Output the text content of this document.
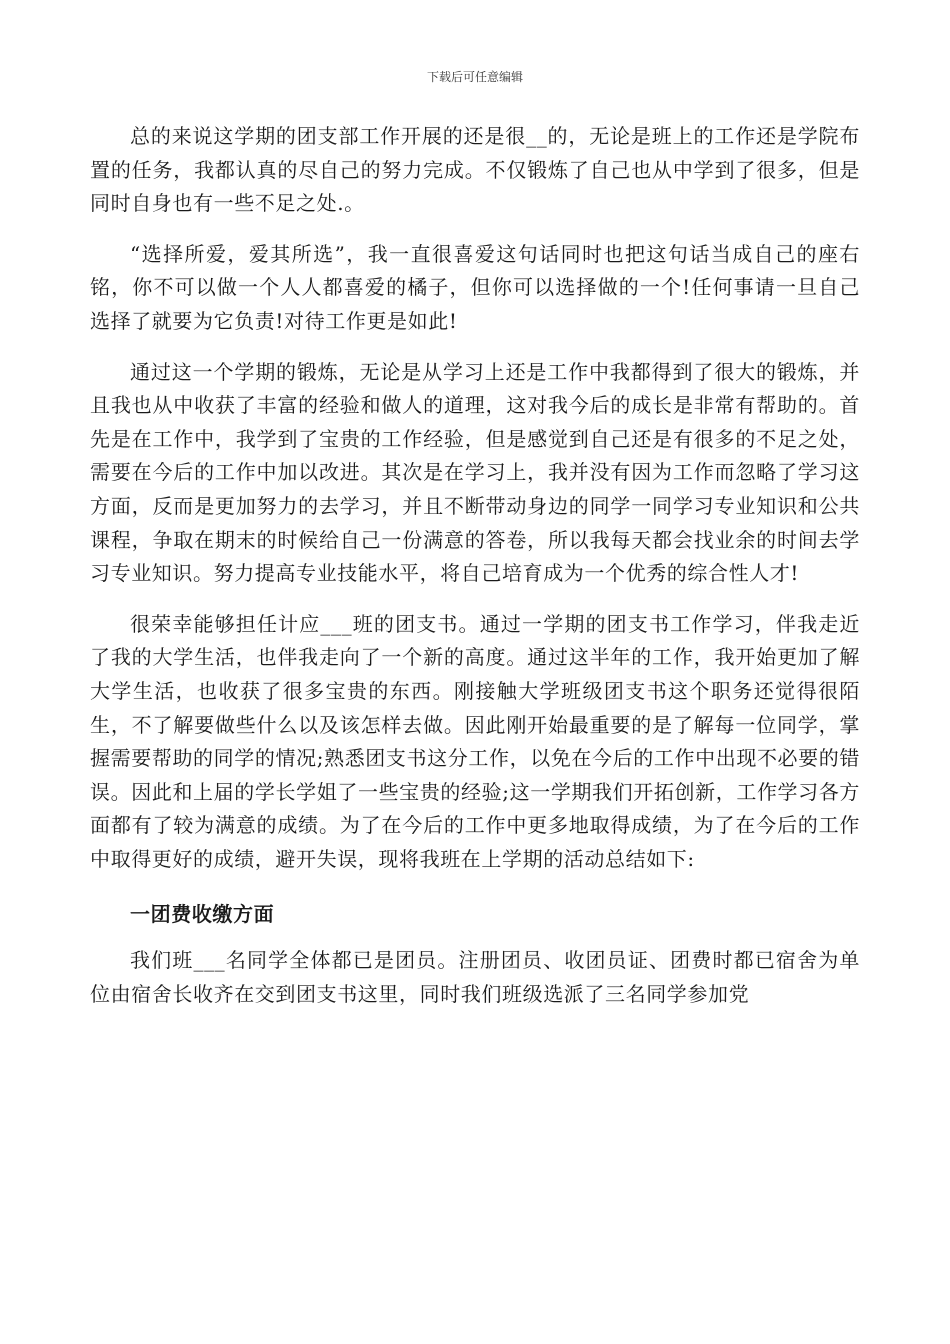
下载后可任意编辑

总的来说这学期的团支部工作开展的还是很__的，无论是班上的工作还是学院布置的任务，我都认真的尽自己的努力完成。不仅锻炼了自己也从中学到了很多，但是同时自身也有一些不足之处.。

“选择所爱，爱其所选”，我一直很喜爱这句话同时也把这句话当成自己的座右铭，你不可以做一个人人都喜爱的橘子，但你可以选择做的一个!任何事请一旦自己选择了就要为它负责!对待工作更是如此!

通过这一个学期的锻炼，无论是从学习上还是工作中我都得到了很大的锻炼，并且我也从中收获了丰富的经验和做人的道理，这对我今后的成长是非常有帮助的。首先是在工作中，我学到了宝贵的工作经验，但是感觉到自己还是有很多的不足之处，需要在今后的工作中加以改进。其次是在学习上，我并没有因为工作而忽略了学习这方面，反而是更加努力的去学习，并且不断带动身边的同学一同学习专业知识和公共课程，争取在期末的时候给自己一份满意的答卷，所以我每天都会找业余的时间去学习专业知识。努力提高专业技能水平，将自己培育成为一个优秀的综合性人才!

很荣幸能够担任计应___班的团支书。通过一学期的团支书工作学习，伴我走近了我的大学生活，也伴我走向了一个新的高度。通过这半年的工作，我开始更加了解大学生活，也收获了很多宝贵的东西。刚接触大学班级团支书这个职务还觉得很陌生，不了解要做些什么以及该怎样去做。因此刚开始最重要的是了解每一位同学，掌握需要帮助的同学的情况;熟悉团支书这分工作，以免在今后的工作中出现不必要的错误。因此和上届的学长学姐了一些宝贵的经验;这一学期我们开拓创新，工作学习各方面都有了较为满意的成绩。为了在今后的工作中更多地取得成绩，为了在今后的工作中取得更好的成绩，避开失误，现将我班在上学期的活动总结如下:

一团费收缴方面

我们班___名同学全体都已是团员。注册团员、收团员证、团费时都已宿舍为单位由宿舍长收齐在交到团支书这里，同时我们班级选派了三名同学参加党
